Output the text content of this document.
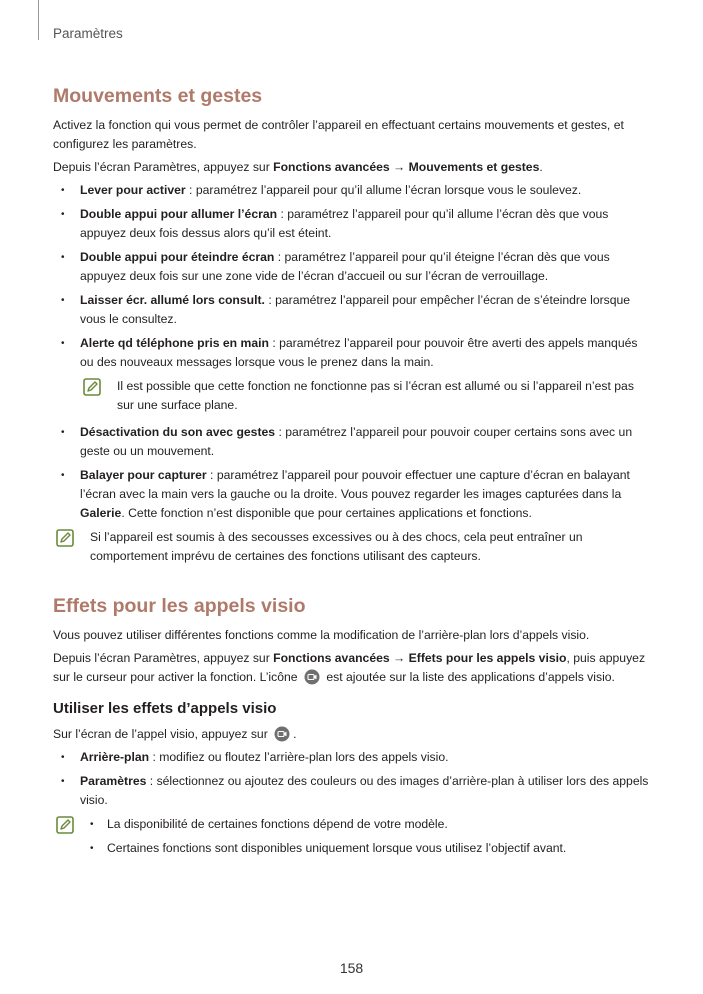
Paramètres
Mouvements et gestes

Activez la fonction qui vous permet de contrôler l’appareil en effectuant certains mouvements et gestes, et configurez les paramètres.

Depuis l’écran Paramètres, appuyez sur Fonctions avancées → Mouvements et gestes.

• Lever pour activer : paramétrez l’appareil pour qu’il allume l’écran lorsque vous le soulevez.
• Double appui pour allumer l’écran : paramétrez l’appareil pour qu’il allume l’écran dès que vous appuyez deux fois dessus alors qu’il est éteint.
• Double appui pour éteindre écran : paramétrez l’appareil pour qu’il éteigne l’écran dès que vous appuyez deux fois sur une zone vide de l’écran d’accueil ou sur l’écran de verrouillage.
• Laisser écr. allumé lors consult. : paramétrez l’appareil pour empêcher l’écran de s’éteindre lorsque vous le consultez.
• Alerte qd téléphone pris en main : paramétrez l’appareil pour pouvoir être averti des appels manqués ou des nouveaux messages lorsque vous le prenez dans la main.
Il est possible que cette fonction ne fonctionne pas si l’écran est allumé ou si l’appareil n’est pas sur une surface plane.
• Désactivation du son avec gestes : paramétrez l’appareil pour pouvoir couper certains sons avec un geste ou un mouvement.
• Balayer pour capturer : paramétrez l’appareil pour pouvoir effectuer une capture d’écran en balayant l’écran avec la main vers la gauche ou la droite. Vous pouvez regarder les images capturées dans la Galerie. Cette fonction n’est disponible que pour certaines applications et fonctions.
Si l’appareil est soumis à des secousses excessives ou à des chocs, cela peut entraîner un comportement imprévu de certaines des fonctions utilisant des capteurs.
Effets pour les appels visio

Vous pouvez utiliser différentes fonctions comme la modification de l’arrière-plan lors d’appels visio.

Depuis l’écran Paramètres, appuyez sur Fonctions avancées → Effets pour les appels visio, puis appuyez sur le curseur pour activer la fonction. L’icône  est ajoutée sur la liste des applications d’appels visio.

Utiliser les effets d’appels visio

Sur l’écran de l’appel visio, appuyez sur .

• Arrière-plan : modifiez ou floutez l’arrière-plan lors des appels visio.
• Paramètres : sélectionnez ou ajoutez des couleurs ou des images d’arrière-plan à utiliser lors des appels visio.
• La disponibilité de certaines fonctions dépend de votre modèle.
• Certaines fonctions sont disponibles uniquement lorsque vous utilisez l’objectif avant.
158
